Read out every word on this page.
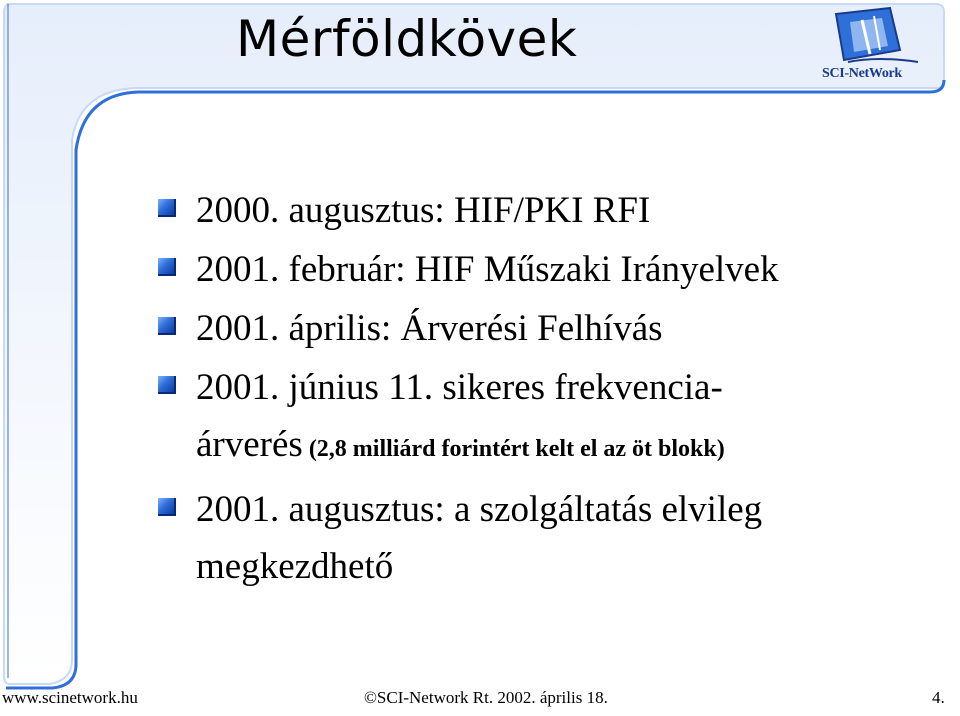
Mérföldkövek
SCI-NetWork
2000. augusztus: HIF/PKI RFI
2001. február: HIF Műszaki Irányelvek
2001. április: Árverési Felhívás
2001. június 11. sikeres frekvencia-
árverés (2,8 milliárd forintért kelt el az öt blokk)
2001. augusztus: a szolgáltatás elvileg
megkezdhető
www.scinetwork.hu	©SCI-Network Rt. 2002. április 18.	4.
